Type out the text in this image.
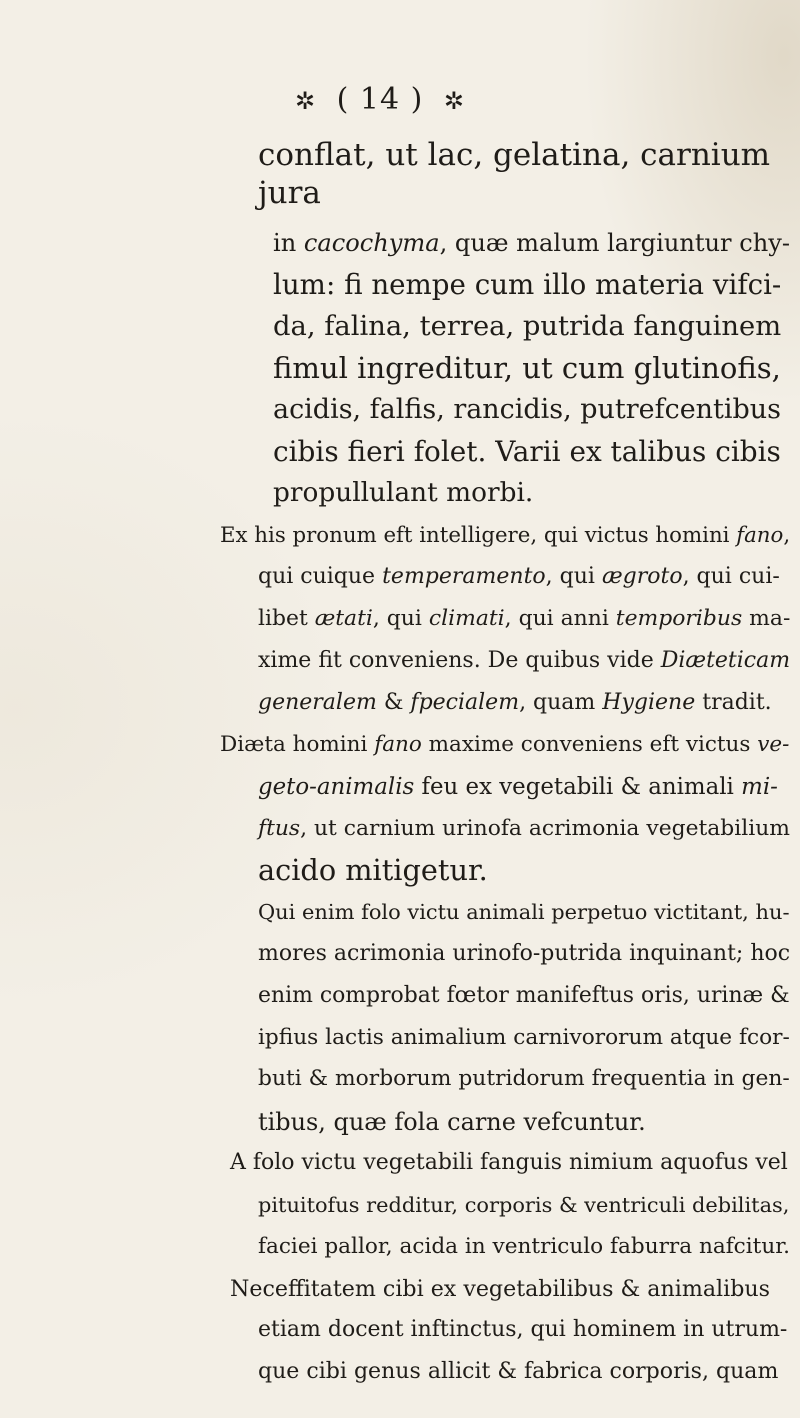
✲ ( 14 ) ✲
conflat, ut lac, gelatina, carnium
jura
in cacochyma, quæ malum largiuntur chy-
lum: fi nempe cum illo materia vifci-
da, falina, terrea, putrida fanguinem
fimul ingreditur, ut cum glutinofis,
acidis, falfis, rancidis, putrefcentibus
cibis fieri folet. Varii ex talibus cibis
propullulant morbi.
Ex his pronum eft intelligere, qui victus homini fano,
qui cuique temperamento, qui ægroto, qui cui-
libet ætati, qui climati, qui anni temporibus ma-
xime fit conveniens. De quibus vide Diæteticam
generalem & fpecialem, quam Hygiene tradit.
Diæta homini fano maxime conveniens eft victus ve-
geto-animalis feu ex vegetabili & animali mi-
ftus, ut carnium urinofa acrimonia vegetabilium
acido mitigetur.
Qui enim folo victu animali perpetuo victitant, hu-
mores acrimonia urinofo-putrida inquinant; hoc
enim comprobat fœtor manifeftus oris, urinæ &
ipfius lactis animalium carnivororum atque fcor-
buti & morborum putridorum frequentia in gen-
tibus, quæ fola carne vefcuntur.
A folo victu vegetabili fanguis nimium aquofus vel
pituitofus redditur, corporis & ventriculi debilitas,
faciei pallor, acida in ventriculo faburra nafcitur.
Neceffitatem cibi ex vegetabilibus & animalibus
etiam docent inftinctus, qui hominem in utrum-
que cibi genus allicit & fabrica corporis, quam
